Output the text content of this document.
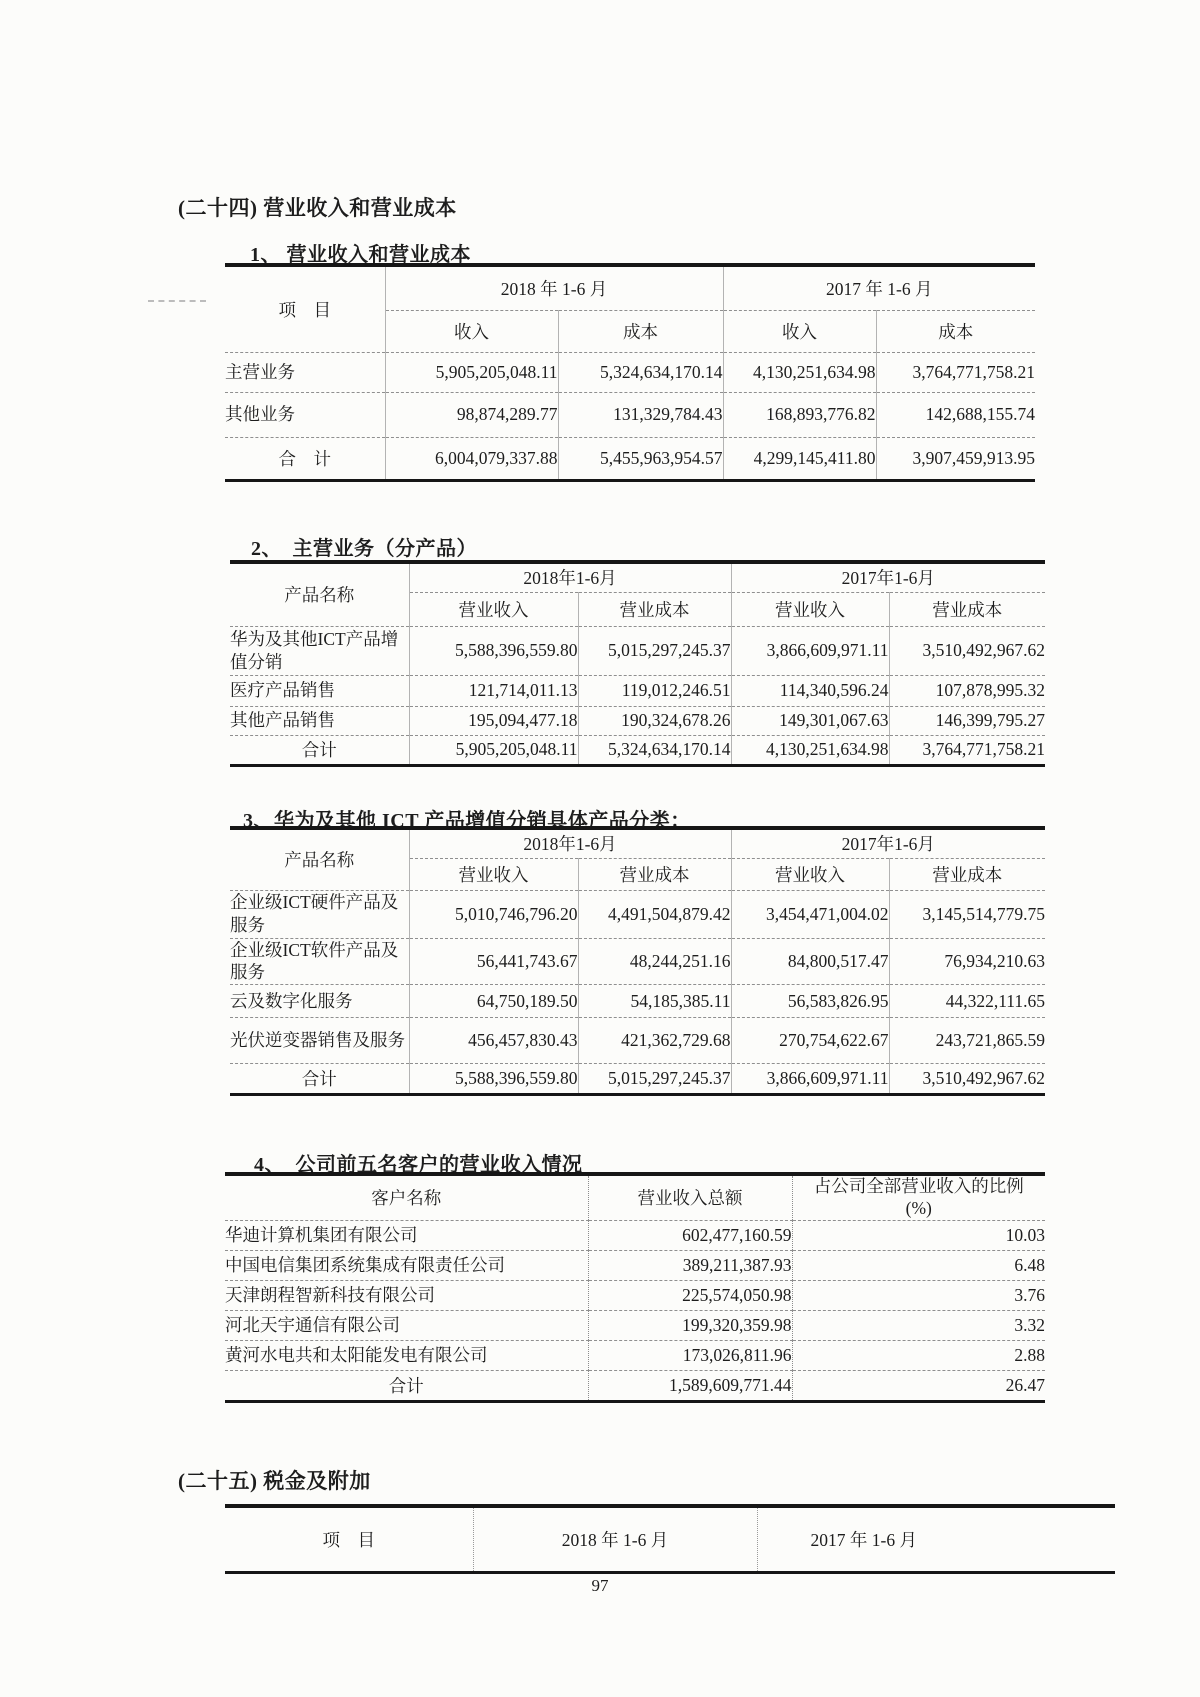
(二十四) 营业收入和营业成本
1、 营业收入和营业成本
项　目	2018 年 1-6 月		2017 年 1-6 月	
	收入	成本	收入	成本
主营业务	5,905,205,048.11	5,324,634,170.14	4,130,251,634.98	3,764,771,758.21
其他业务	98,874,289.77	131,329,784.43	168,893,776.82	142,688,155.74
合　计	6,004,079,337.88	5,455,963,954.57	4,299,145,411.80	3,907,459,913.95
2、　主营业务（分产品）
产品名称	2018年1-6月		2017年1-6月	
	营业收入	营业成本	营业收入	营业成本
华为及其他ICT产品增值分销	5,588,396,559.80	5,015,297,245.37	3,866,609,971.11	3,510,492,967.62
医疗产品销售	121,714,011.13	119,012,246.51	114,340,596.24	107,878,995.32
其他产品销售	195,094,477.18	190,324,678.26	149,301,067.63	146,399,795.27
合计	5,905,205,048.11	5,324,634,170.14	4,130,251,634.98	3,764,771,758.21
3、华为及其他 ICT 产品增值分销具体产品分类：
产品名称	2018年1-6月		2017年1-6月	
	营业收入	营业成本	营业收入	营业成本
企业级ICT硬件产品及服务	5,010,746,796.20	4,491,504,879.42	3,454,471,004.02	3,145,514,779.75
企业级ICT软件产品及服务	56,441,743.67	48,244,251.16	84,800,517.47	76,934,210.63
云及数字化服务	64,750,189.50	54,185,385.11	56,583,826.95	44,322,111.65
光伏逆变器销售及服务	456,457,830.43	421,362,729.68	270,754,622.67	243,721,865.59
合计	5,588,396,559.80	5,015,297,245.37	3,866,609,971.11	3,510,492,967.62
4、　公司前五名客户的营业收入情况
客户名称	营业收入总额	占公司全部营业收入的比例
(%)

华迪计算机集团有限公司	602,477,160.59	10.03
中国电信集团系统集成有限责任公司	389,211,387.93	6.48
天津朗程智新科技有限公司	225,574,050.98	3.76
河北天宇通信有限公司	199,320,359.98	3.32
黄河水电共和太阳能发电有限公司	173,026,811.96	2.88
合计	1,589,609,771.44	26.47
(二十五) 税金及附加
项　目	2018 年 1-6 月	2017 年 1-6 月
97
